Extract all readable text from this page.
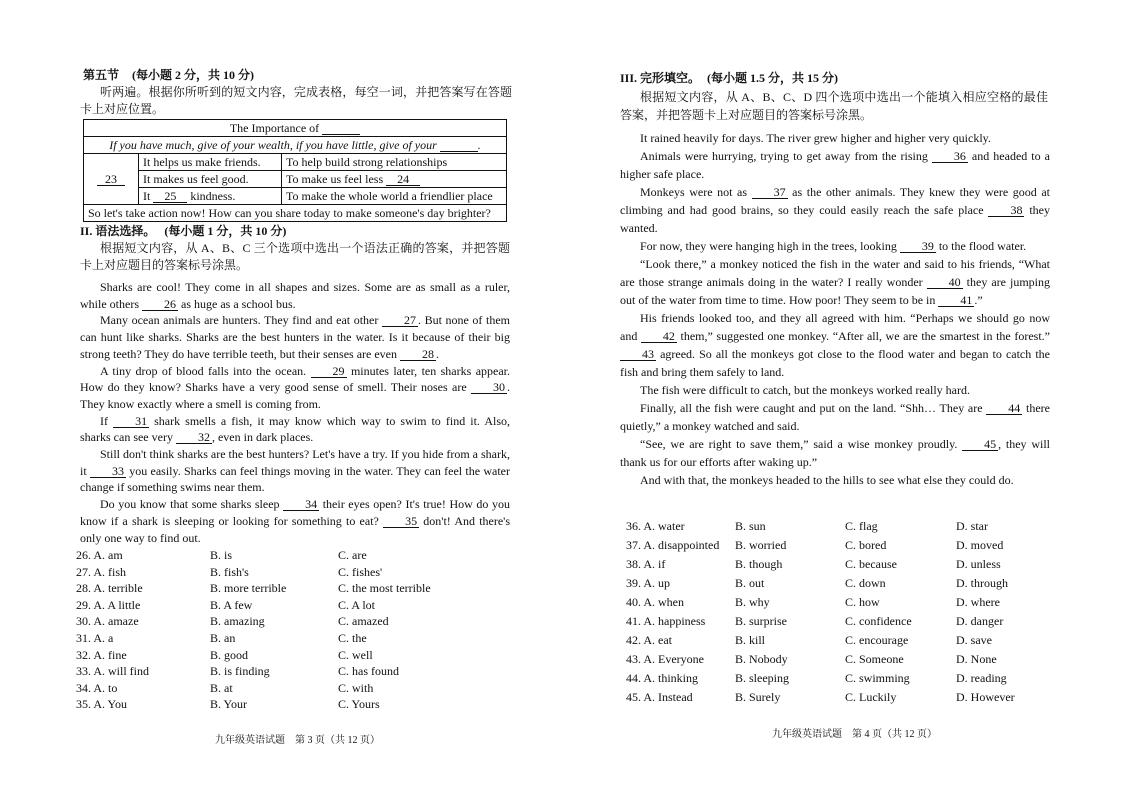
第五节 (每小题 2 分，共 10 分)
听两遍。根据你所听到的短文内容，完成表格，每空一词，并把答案写在答题卡上对应位置。
The Importance of		
If you have much, give of your wealth, if you have little, give of your .		
23	It helps us make friends.	To help build strong relationships
	It makes us feel good.	To make us feel less 24
	It 25 kindness.	To make the whole world a friendlier place
So let's take action now! How can you share today to make someone's day brighter?		
II. 语法选择。 (每小题 1 分，共 10 分)
根据短文内容，从 A、B、C 三个选项中选出一个语法正确的答案，并把答题卡上对应题目的答案标号涂黑。
Sharks are cool! They come in all shapes and sizes. Some are as small as a ruler, while others 26 as huge as a school bus.
Many ocean animals are hunters. They find and eat other 27 . But none of them can hunt like sharks. Sharks are the best hunters in the water. Is it because of their big strong teeth? They do have terrible teeth, but their senses are even 28 .
A tiny drop of blood falls into the ocean. 29 minutes later, ten sharks appear. How do they know? Sharks have a very good sense of smell. Their noses are 30 . They know exactly where a smell is coming from.
If 31 shark smells a fish, it may know which way to swim to find it. Also, sharks can see very 32 , even in dark places.
Still don't think sharks are the best hunters? Let's have a try. If you hide from a shark, it 33 you easily. Sharks can feel things moving in the water. They can feel the water change if something swims near them.
Do you know that some sharks sleep 34 their eyes open? It's true! How do you know if a shark is sleeping or looking for something to eat? 35 don't! And there's only one way to find out.
26. A. am	B. is	C. are
27. A. fish	B. fish's	C. fishes'
28. A. terrible	B. more terrible	C. the most terrible
29. A. A little	B. A few	C. A lot
30. A. amaze	B. amazing	C. amazed
31. A. a	B. an	C. the
32. A. fine	B. good	C. well
33. A. will find	B. is finding	C. has found
34. A. to	B. at	C. with
35. A. You	B. Your	C. Yours
九年级英语试题　第 3 页（共 12 页）
III. 完形填空。 (每小题 1.5 分，共 15 分)
根据短文内容，从 A、B、C、D 四个选项中选出一个能填入相应空格的最佳答案，并把答题卡上对应题目的答案标号涂黑。
It rained heavily for days. The river grew higher and higher very quickly.
Animals were hurrying, trying to get away from the rising 36 and headed to a higher safe place.
Monkeys were not as 37 as the other animals. They knew they were good at climbing and had good brains, so they could easily reach the safe place 38 they wanted.
For now, they were hanging high in the trees, looking 39 to the flood water.
“Look there,” a monkey noticed the fish in the water and said to his friends, “What are those strange animals doing in the water? I really wonder 40 they are jumping out of the water from time to time. How poor! They seem to be in 41 .”
His friends looked too, and they all agreed with him. “Perhaps we should go now and 42 them,” suggested one monkey. “After all, we are the smartest in the forest.” 43 agreed. So all the monkeys got close to the flood water and began to catch the fish and bring them safely to land.
The fish were difficult to catch, but the monkeys worked really hard.
Finally, all the fish were caught and put on the land. “Shh… They are 44 there quietly,” a monkey watched and said.
“See, we are right to save them,” said a wise monkey proudly. 45 , they will thank us for our efforts after waking up.”
And with that, the monkeys headed to the hills to see what else they could do.
36. A. water	B. sun	C. flag	D. star
37. A. disappointed B. worried	C. bored	D. moved
38. A. if	B. though	C. because	D. unless
39. A. up	B. out	C. down	D. through
40. A. when	B. why	C. how	D. where
41. A. happiness B. surprise	C. confidence	D. danger
42. A. eat	B. kill	C. encourage	D. save
43. A. Everyone	B. Nobody	C. Someone	D. None
44. A. thinking	B. sleeping	C. swimming	D. reading
45. A. Instead	B. Surely	C. Luckily	D. However
九年级英语试题　第 4 页（共 12 页）
